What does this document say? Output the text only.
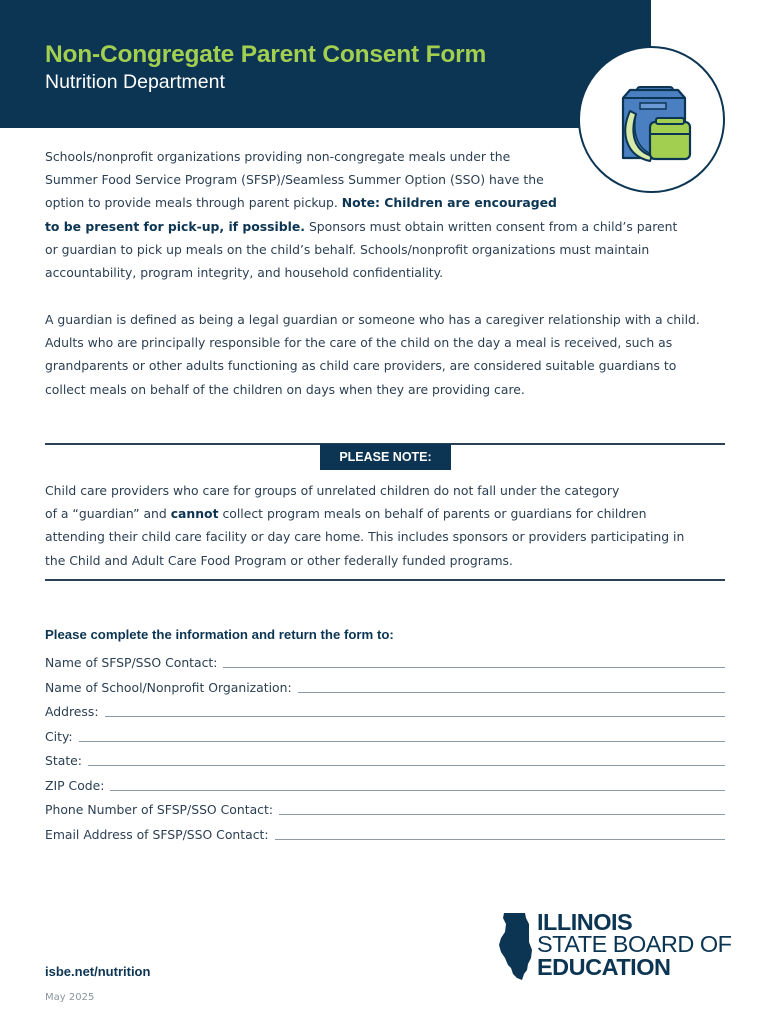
Non-Congregate Parent Consent Form
Nutrition Department
Schools/nonprofit organizations providing non-congregate meals under the
Summer Food Service Program (SFSP)/Seamless Summer Option (SSO) have the
option to provide meals through parent pickup. Note: Children are encouraged
to be present for pick-up, if possible. Sponsors must obtain written consent from a child’s parent
or guardian to pick up meals on the child’s behalf. Schools/nonprofit organizations must maintain
accountability, program integrity, and household confidentiality.
A guardian is defined as being a legal guardian or someone who has a caregiver relationship with a child.
Adults who are principally responsible for the care of the child on the day a meal is received, such as
grandparents or other adults functioning as child care providers, are considered suitable guardians to
collect meals on behalf of the children on days when they are providing care.
PLEASE NOTE:
Child care providers who care for groups of unrelated children do not fall under the category
of a “guardian” and cannot collect program meals on behalf of parents or guardians for children
attending their child care facility or day care home. This includes sponsors or providers participating in
the Child and Adult Care Food Program or other federally funded programs.
Please complete the information and return the form to:
Name of SFSP/SSO Contact:
Name of School/Nonprofit Organization:
Address:
City:
State:
ZIP Code:
Phone Number of SFSP/SSO Contact:
Email Address of SFSP/SSO Contact:
ILLINOIS
STATE BOARD OF
EDUCATION
isbe.net/nutrition
May 2025
